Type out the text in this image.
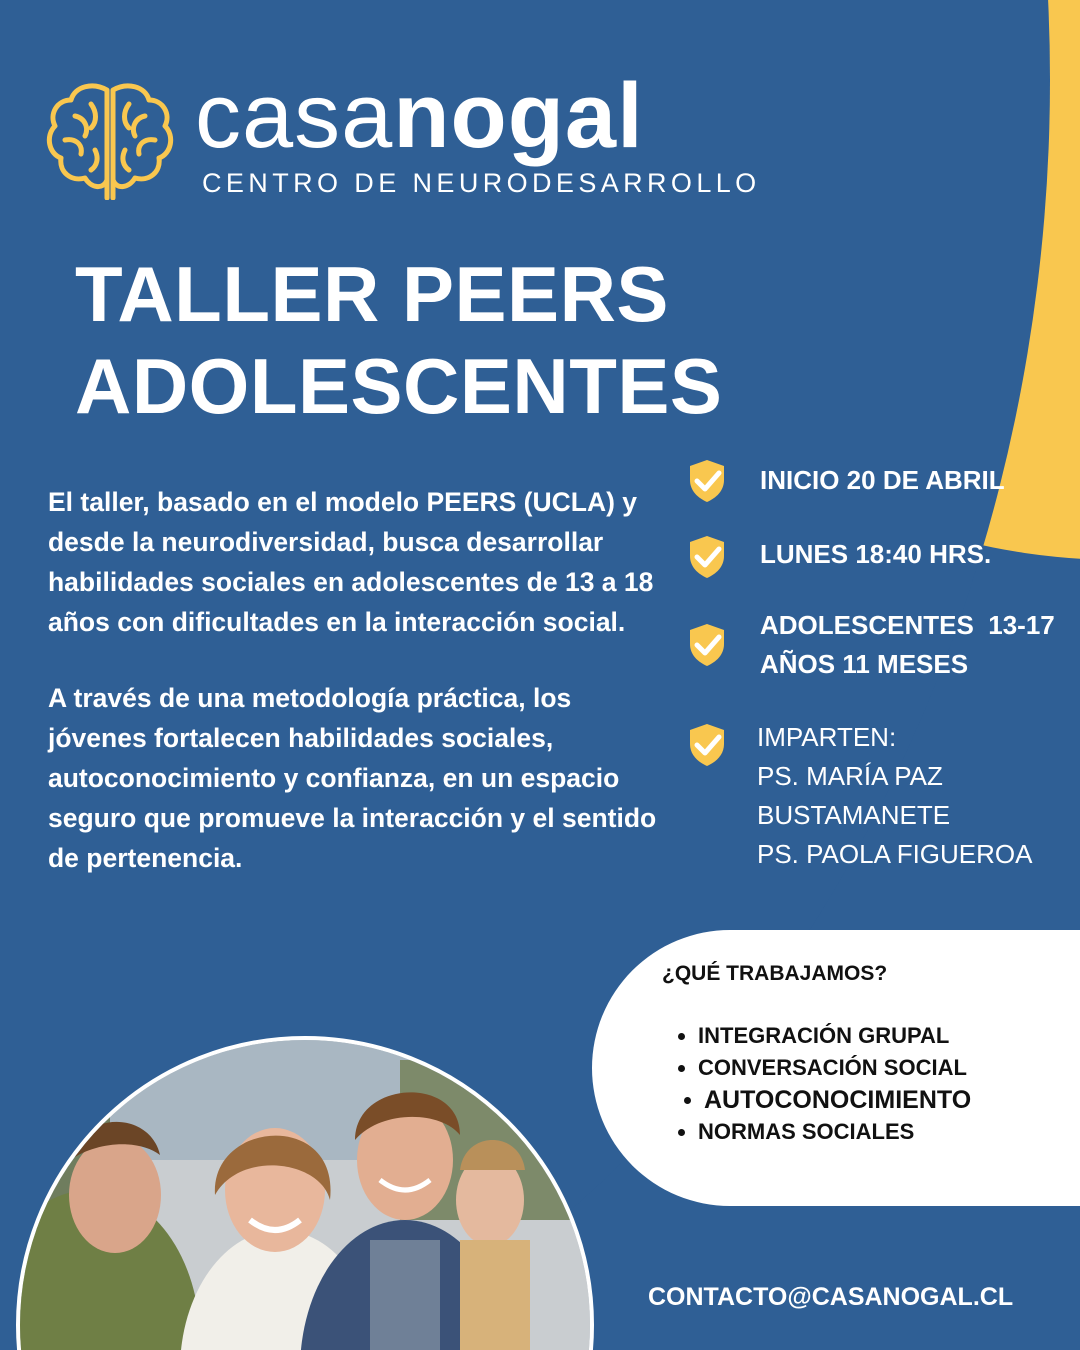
casanogal
CENTRO DE NEURODESARROLLO
TALLER PEERS
ADOLESCENTES

El taller, basado en el modelo PEERS (UCLA) y desde la neurodiversidad, busca desarrollar habilidades sociales en adolescentes de 13 a 18 años con dificultades en la interacción social.

A través de una metodología práctica, los jóvenes fortalecen habilidades sociales, autoconocimiento y confianza, en un espacio seguro que promueve la interacción y el sentido de pertenencia.

INICIO 20 DE ABRIL
LUNES 18:40 HRS.
ADOLESCENTES  13-17
AÑOS 11 MESES
IMPARTEN:
PS. MARÍA PAZ
BUSTAMANETE
PS. PAOLA FIGUEROA
¿QUÉ TRABAJAMOS?
INTEGRACIÓN GRUPAL
CONVERSACIÓN SOCIAL
AUTOCONOCIMIENTO
NORMAS SOCIALES
CONTACTO@CASANOGAL.CL
